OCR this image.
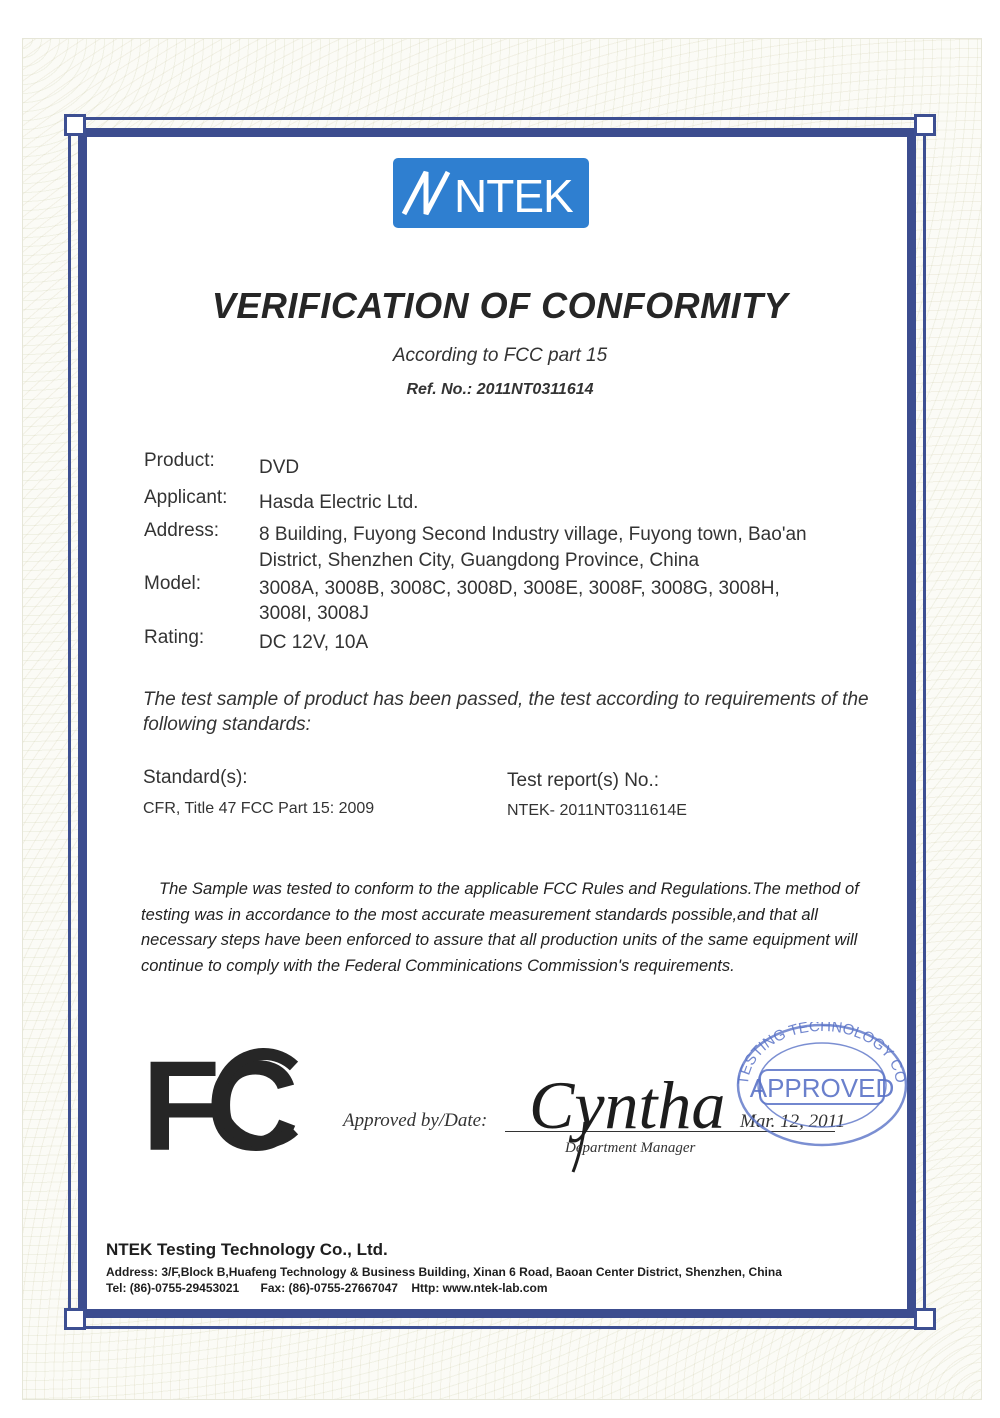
NTEK
VERIFICATION OF CONFORMITY
According to FCC part 15
Ref. No.: 2011NT0311614
Product: DVD
Applicant: Hasda Electric Ltd.
Address: 8 Building, Fuyong Second Industry village, Fuyong town, Bao'an
District, Shenzhen City, Guangdong Province, China
Model:	3008A, 3008B, 3008C, 3008D, 3008E, 3008F, 3008G, 3008H,
3008I, 3008J
Rating:	DC 12V, 10A
The test sample of product has been passed, the test according to requirements of the following standards:
Standard(s):
CFR, Title 47 FCC Part 15: 2009
Test report(s) No.:
NTEK- 2011NT0311614E
The Sample was tested to conform to the applicable FCC Rules and Regulations.The method of testing was in accordance to the most accurate measurement standards possible,and that all necessary steps have been enforced to assure that all production units of the same equipment will continue to comply with the Federal Comminications Commission's requirements.
FC	Approved by/Date: Cyntha
Department Manager
Mar. 12, 2011
TESTING TECHNOLOGY CO
APPROVED
NTEK Testing Technology Co., Ltd.
Address: 3/F,Block B,Huafeng Technology & Business Building, Xinan 6 Road, Baoan Center District, Shenzhen, China
Tel: (86)-0755-29453021 Fax: (86)-0755-27667047 Http: www.ntek-lab.com
